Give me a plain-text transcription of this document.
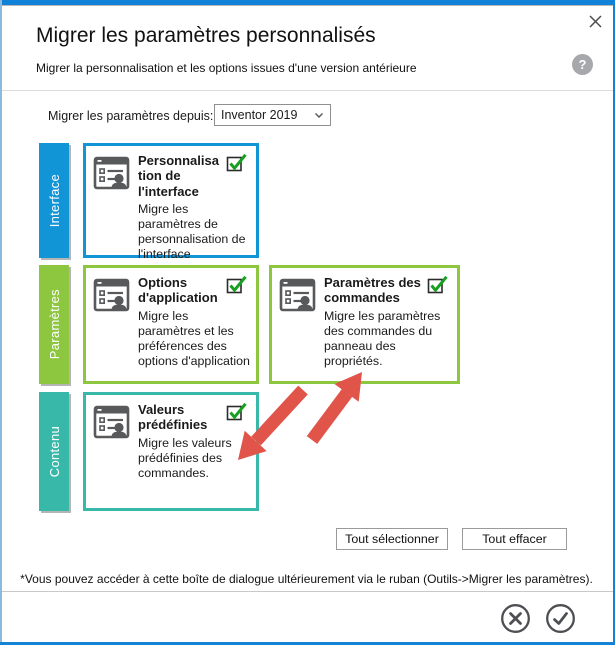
Migrer les paramètres personnalisés
Migrer la personnalisation et les options issues d'une version antérieure	?
Migrer les paramètres depuis: Inventor 2019
Interface
Paramètres
Contenu
Personnalisation de l'interface
Migre les paramètres de personnalisation de l'interface
Options d'application
Migre les paramètres et les préférences des options d'application
Paramètres des commandes
Migre les paramètres des commandes du panneau des propriétés.
Valeurs prédéfinies
Migre les valeurs prédéfinies des commandes.
Tout sélectionner	Tout effacer
*Vous pouvez accéder à cette boîte de dialogue ultérieurement via le ruban (Outils->Migrer les paramètres).
